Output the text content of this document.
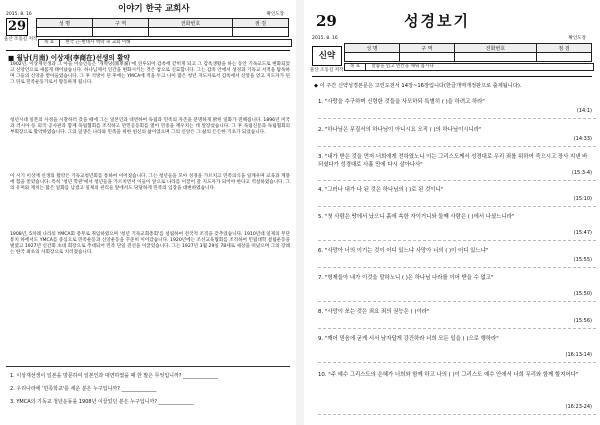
이야기 한국 교회사
2015. 8. 16	확인도장
29
울산 조동길 저작
성 명	구 역	전화번호	점 검

목 표	한국 근·현대사 맥락 속 교회 이해
■ 월남(月南) 이상재(李商在)선생의 활약
1902년, 이상재선생과 그 아들 이승인등은 '개혁당(開革黨)'에 연루되어 감옥에 갇히게 되고 그 감옥생활을 하는 동안 기독교도로 변화되었고 신앙인으로 새롭게 태어났습니다. 하나님께서 인간을 변화시키는 것은 참으로 신묘합니다. 그는 감옥 안에서 성경과 기독교 서적을 탐독하며 그들의 신앙을 받아들였습니다. 그 후 석방이 된 후에는 YMCA에 적을 두고 나이 많은 청년 지도자로서 감옥에서 신앙을 얻고 지도자가 된 그 뒤로 민족운동가로서 활동하게 됩니다.
청년시대 일본의 사정을 시찰하러 갔을 때에 그는 일본인과 대면하여 독립과 민족의 자존을 분명하게 밝힌 일화가 전해집니다. 1896년 미국과 러시아 등 외국 공사관과 함께 독립협회를 조직하고 만민공동회를 열어 민중을 깨우치는 데 앞장섰습니다. 그 후 독립신문과 독립협회의 부회장으로 활약하였습니다. 그의 일생은 나라와 민족을 위한 헌신의 삶이었으며 그의 신앙은 그 삶의 든든한 기초가 되었습니다.
이 시기 이상재 선생의 활약은 기독교청년회를 통하여 이어졌습니다. 그는 청년들을 모아 성경을 가르치고 민족의식을 일깨우며 교육과 계몽에 힘을 쏟았습니다. 특히 '청년 학관'에서 청년들을 가르치면서 이들이 앞으로 나라를 이끌어 갈 지도자가 되어야 한다고 역설하였습니다. 그의 유머와 재치는 많은 일화를 남겼고 일제의 관리들 앞에서도 당당하게 민족의 입장을 대변하였습니다.
1908년, 5차례 나라의 YMCA회 총무로 취임하였으며 '청년 기독교회총회'를 설립하여 전국적 조직을 갖추었습니다. 1910년대 일제의 무단통치 하에서도 YMCA를 중심으로 민족운동과 신앙운동을 꾸준히 이어갔습니다. 1920년에는 조선교육협회를 조직하여 민립대학 설립운동을 벌였고 1927년 신간회 초대 회장으로 추대되어 민족 단일 전선을 이끌었습니다. 그는 1927년 3월 29일 78세로 세상을 떠났으며 그의 장례는 한국 최초의 사회장으로 치러졌습니다.
1. 이상재선생이 일본을 방문하여 일본인과 대면하였을 때 한 말은 무엇입니까? ______________
2. 우리나라에 '민족학교'를 세운 분은 누구입니까? ______________
3. YMCA의 기독교 청년운동을 1908년 이끌었던 분은 누구입니까? ______________
29	성경보기
2015. 8. 16	확인도장
성 명	구 역	전화번호	점 검

신약
울산 조동길 저작
목 표	말씀을 읽고 빈칸을 채워 봅시다
◆ 이 주간 신약성경본문은 고린도전서 14장~16장입니다(한글개역개정판으로 출제됩니다).
1. "사랑을 추구하며 신령한 것들을 사모하되 특별히 ( )을 하려고 하라"
(14:1)
2. "하나님은 무질서의 하나님이 아니시요 오직 ( )의 하나님이시니라"
(14:33)
3. "내가 받은 것을 먼저 너희에게 전하였노니 이는 그리스도께서 성경대로 우리 죄를 위하여 죽으시고 장사 지낸 바 되셨다가 성경대로 사흘 만에 다시 살아나사"
(15:3-4)
4. "그러나 내가 나 된 것은 하나님의 ( )로 된 것이니"
(15:10)
5. "첫 사람은 땅에서 났으니 흙에 속한 자이거니와 둘째 사람은 ( )에서 나셨느니라"
(15:47)
6. "사망아 너의 이기는 것이 어디 있느냐 사망아 너의 ( )이 어디 있느냐"
(15:55)
7. "형제들아 내가 이것을 말하노니 ( )은 하나님 나라를 이어 받을 수 없고"
(15:50)
8. "사망이 쏘는 것은 죄요 죄의 권능은 ( )이라"
(15:56)
9. "깨어 믿음에 굳게 서서 남자답게 강건하라 너희 모든 일을 ( )으로 행하라"
(16:13-14)
10. "주 예수 그리스도의 은혜가 너희와 함께 하고 나의 ( )이 그리스도 예수 안에서 너희 무리와 함께 할지어다"
(16:23-24)
